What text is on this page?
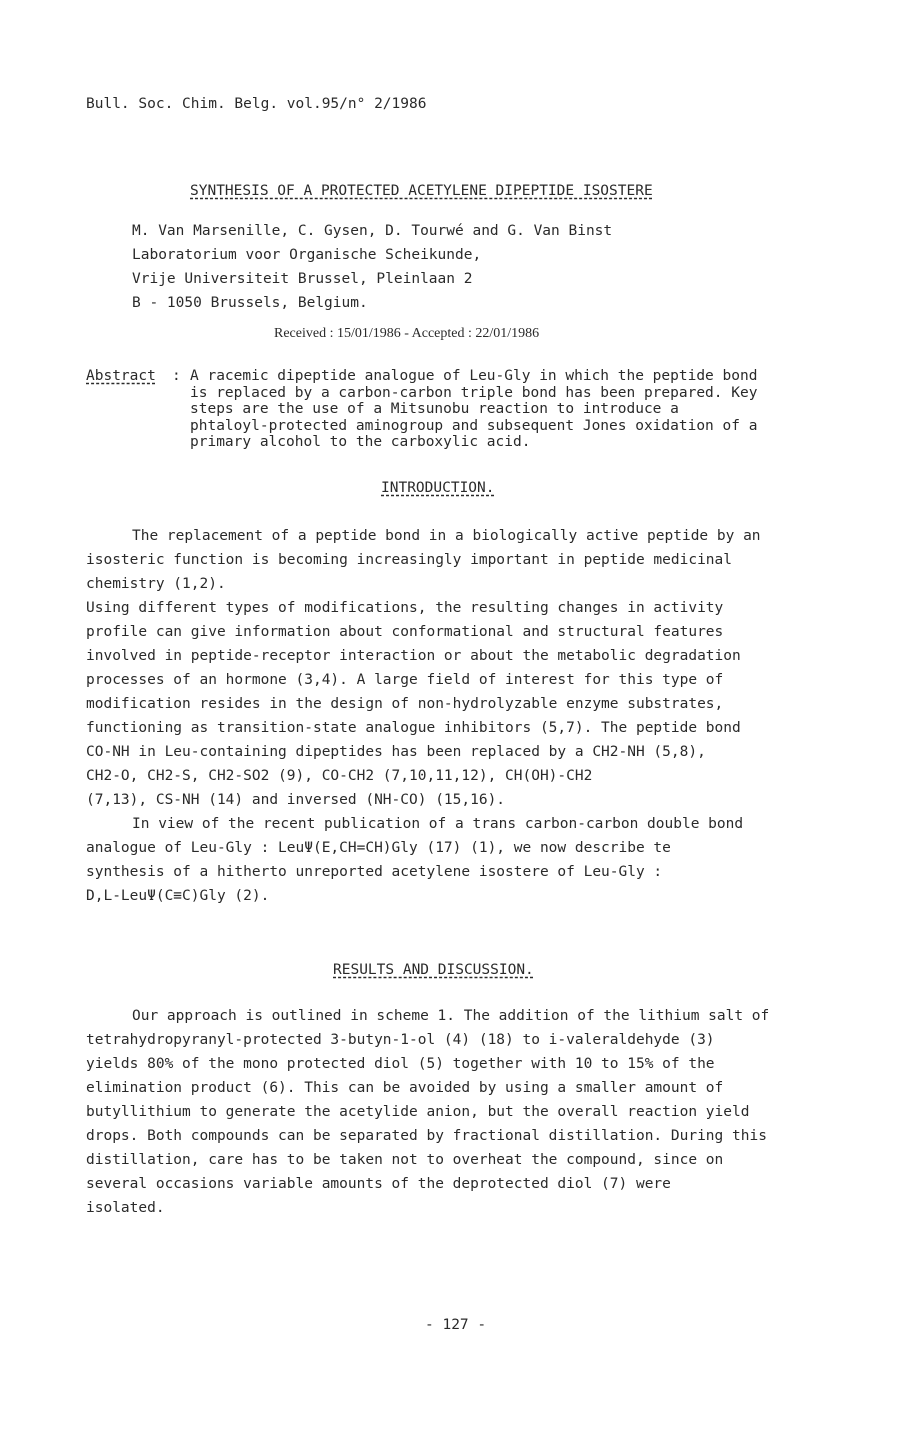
Bull. Soc. Chim. Belg. vol.95/n° 2/1986
SYNTHESIS OF A PROTECTED ACETYLENE DIPEPTIDE ISOSTERE
M. Van Marsenille, C. Gysen, D. Tourwé and G. Van Binst
Laboratorium voor Organische Scheikunde,
Vrije Universiteit Brussel, Pleinlaan 2
B - 1050 Brussels, Belgium.
Received : 15/01/1986 - Accepted : 22/01/1986
Abstract : A racemic dipeptide analogue of Leu-Gly in which the peptide bond
is replaced by a carbon-carbon triple bond has been prepared. Key
steps are the use of a Mitsunobu reaction to introduce a
phtaloyl-protected aminogroup and subsequent Jones oxidation of a
primary alcohol to the carboxylic acid.
INTRODUCTION.
The replacement of a peptide bond in a biologically active peptide by an
isosteric function is becoming increasingly important in peptide medicinal
chemistry (1,2).
Using different types of modifications, the resulting changes in activity
profile can give information about conformational and structural features
involved in peptide-receptor interaction or about the metabolic degradation
processes of an hormone (3,4). A large field of interest for this type of
modification resides in the design of non-hydrolyzable enzyme substrates,
functioning as transition-state analogue inhibitors (5,7). The peptide bond
CO-NH in Leu-containing dipeptides has been replaced by a CH2-NH (5,8),
CH2-O, CH2-S, CH2-SO2 (9), CO-CH2 (7,10,11,12), CH(OH)-CH2
(7,13), CS-NH (14) and inversed (NH-CO) (15,16).
In view of the recent publication of a trans carbon-carbon double bond
analogue of Leu-Gly : LeuΨ(E,CH=CH)Gly (17) (1), we now describe te
synthesis of a hitherto unreported acetylene isostere of Leu-Gly :
D,L-LeuΨ(C≡C)Gly (2).
RESULTS AND DISCUSSION.
Our approach is outlined in scheme 1. The addition of the lithium salt of
tetrahydropyranyl-protected 3-butyn-1-ol (4) (18) to i-valeraldehyde (3)
yields 80% of the mono protected diol (5) together with 10 to 15% of the
elimination product (6). This can be avoided by using a smaller amount of
butyllithium to generate the acetylide anion, but the overall reaction yield
drops. Both compounds can be separated by fractional distillation. During this
distillation, care has to be taken not to overheat the compound, since on
several occasions variable amounts of the deprotected diol (7) were
isolated.
- 127 -
